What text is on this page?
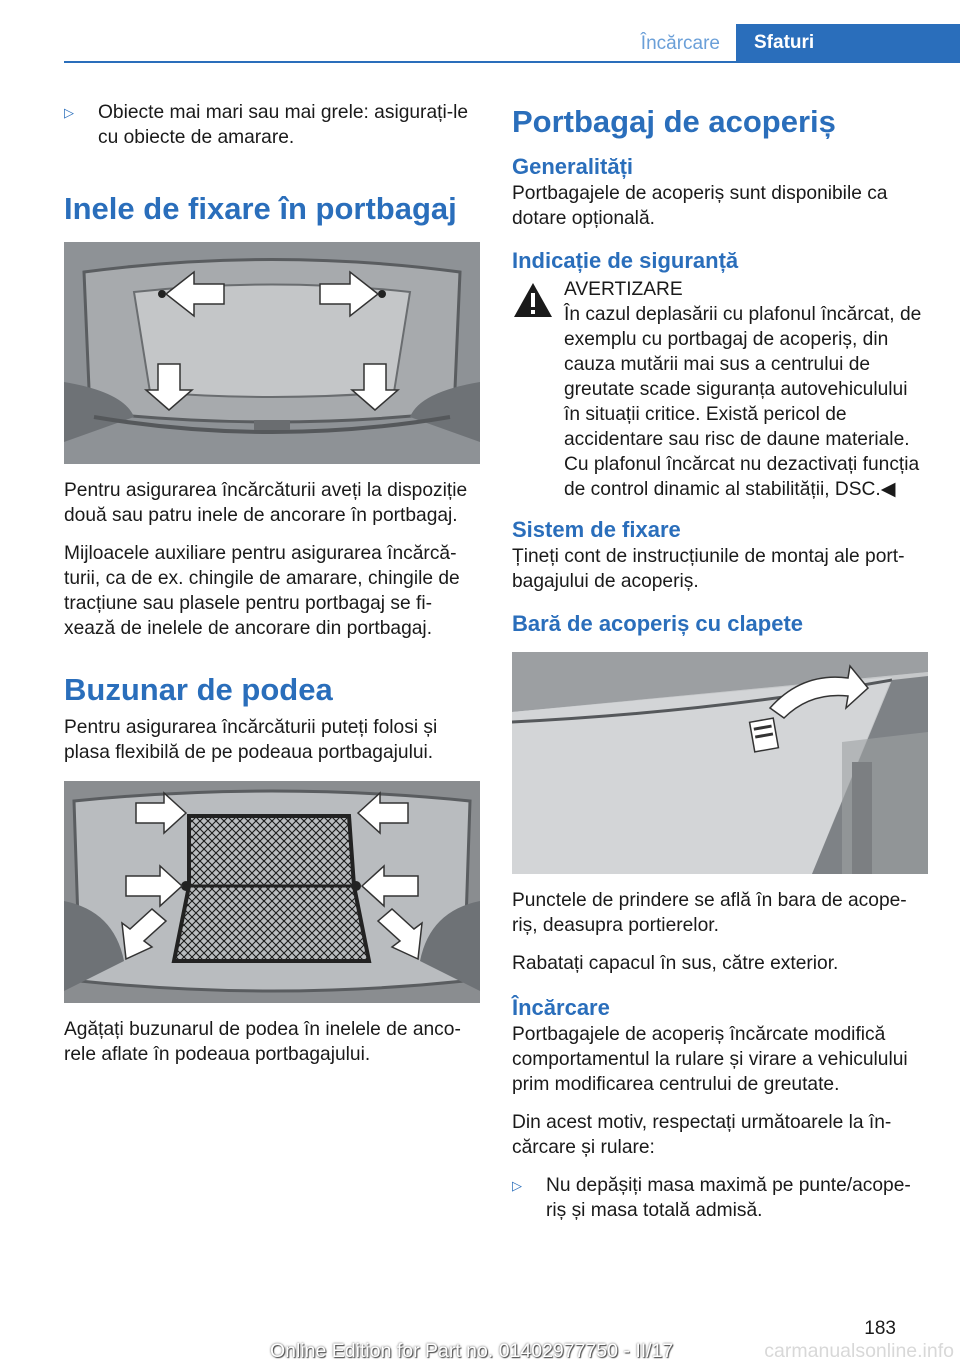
Încărcare	Sfaturi
▷ Obiecte mai mari sau mai grele: asigurați‐le cu obiecte de amarare.
Inele de fixare în portbagaj

Pentru asigurarea încărcăturii aveți la dispoziție două sau patru inele de ancorare în portbagaj.

Mijloacele auxiliare pentru asigurarea încărcă‐turii, ca de ex. chingile de amarare, chingile de tracțiune sau plasele pentru portbagaj se fi‐xează de inelele de ancorare din portbagaj.

Buzunar de podea

Pentru asigurarea încărcăturii puteți folosi și plasa flexibilă de pe podeaua portbagajului.

Agățați buzunarul de podea în inelele de anco‐rele aflate în podeaua portbagajului.

Portbagaj de acoperiș
Generalități

Portbagajele de acoperiș sunt disponibile ca dotare opțională.

Indicație de siguranță
AVERTIZARE

În cazul deplasării cu plafonul încărcat, de exemplu cu portbagaj de acoperiș, din cauza mutării mai sus a centrului de greutate scade siguranța autovehiculului în situații critice. Există pericol de accidentare sau risc de daune materiale. Cu plafonul încărcat nu dezactivați funcția de control dinamic al stabilității, DSC.◀

Sistem de fixare

Țineți cont de instrucțiunile de montaj ale port‐bagajului de acoperiș.

Bară de acoperiș cu clapete

Punctele de prindere se află în bara de acope‐riș, deasupra portierelor.

Rabatați capacul în sus, către exterior.

Încărcare

Portbagajele de acoperiș încărcate modifică comportamentul la rulare și virare a vehiculului prim modificarea centrului de greutate.

Din acest motiv, respectați următoarele la în‐cărcare și rulare:

▷ Nu depășiți masa maximă pe punte/acope‐riș și masa totală admisă.
183
Online Edition for Part no. 01402977750 - II/17	carmanualsonline.info
